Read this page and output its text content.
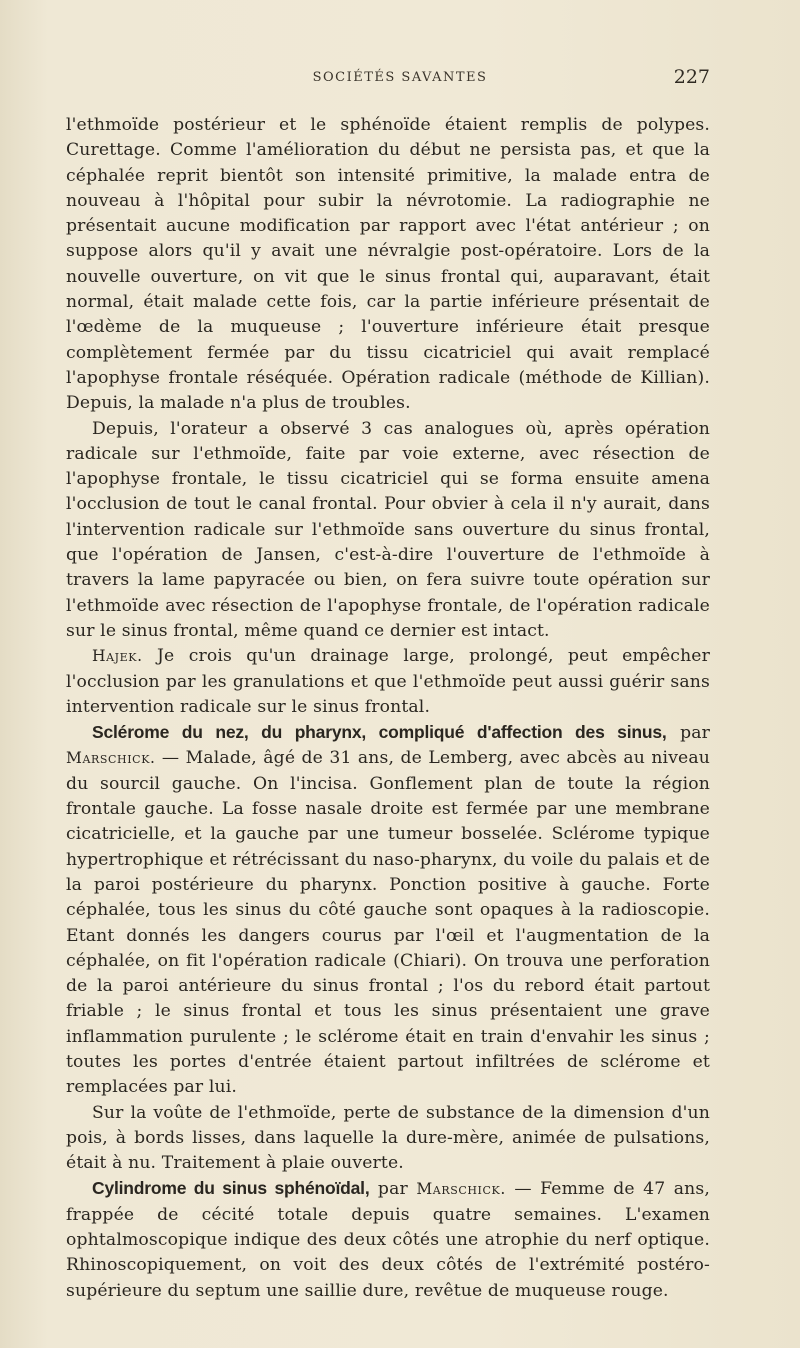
SOCIÉTÉS SAVANTES	227

l'ethmoïde postérieur et le sphénoïde étaient remplis de polypes. Curettage. Comme l'amélioration du début ne persista pas, et que la céphalée reprit bientôt son intensité primitive, la malade entra de nouveau à l'hôpital pour subir la névrotomie. La radiographie ne présentait aucune modification par rapport avec l'état antérieur ; on suppose alors qu'il y avait une névralgie post-opératoire. Lors de la nouvelle ouverture, on vit que le sinus frontal qui, auparavant, était normal, était malade cette fois, car la partie inférieure présentait de l'œdème de la muqueuse ; l'ouverture inférieure était presque complètement fermée par du tissu cicatriciel qui avait remplacé l'apophyse frontale réséquée. Opération radicale (méthode de Killian). Depuis, la malade n'a plus de troubles.

Depuis, l'orateur a observé 3 cas analogues où, après opération radicale sur l'ethmoïde, faite par voie externe, avec résection de l'apophyse frontale, le tissu cicatriciel qui se forma ensuite amena l'occlusion de tout le canal frontal. Pour obvier à cela il n'y aurait, dans l'intervention radicale sur l'ethmoïde sans ouverture du sinus frontal, que l'opération de Jansen, c'est-à-dire l'ouverture de l'ethmoïde à travers la lame papyracée ou bien, on fera suivre toute opération sur l'ethmoïde avec résection de l'apophyse frontale, de l'opération radicale sur le sinus frontal, même quand ce dernier est intact.

Hajek. Je crois qu'un drainage large, prolongé, peut empêcher l'occlusion par les granulations et que l'ethmoïde peut aussi guérir sans intervention radicale sur le sinus frontal.

Sclérome du nez, du pharynx, compliqué d'affection des sinus, par Marschick. — Malade, âgé de 31 ans, de Lemberg, avec abcès au niveau du sourcil gauche. On l'incisa. Gonflement plan de toute la région frontale gauche. La fosse nasale droite est fermée par une membrane cicatricielle, et la gauche par une tumeur bosselée. Sclérome typique hypertrophique et rétrécissant du naso-pharynx, du voile du palais et de la paroi postérieure du pharynx. Ponction positive à gauche. Forte céphalée, tous les sinus du côté gauche sont opaques à la radioscopie. Etant donnés les dangers courus par l'œil et l'augmentation de la céphalée, on fit l'opération radicale (Chiari). On trouva une perforation de la paroi antérieure du sinus frontal ; l'os du rebord était partout friable ; le sinus frontal et tous les sinus présentaient une grave inflammation purulente ; le sclérome était en train d'envahir les sinus ; toutes les portes d'entrée étaient partout infiltrées de sclérome et remplacées par lui.

Sur la voûte de l'ethmoïde, perte de substance de la dimension d'un pois, à bords lisses, dans laquelle la dure-mère, animée de pulsations, était à nu. Traitement à plaie ouverte.

Cylindrome du sinus sphénoïdal, par Marschick. — Femme de 47 ans, frappée de cécité totale depuis quatre semaines. L'examen ophtalmoscopique indique des deux côtés une atrophie du nerf optique. Rhinoscopiquement, on voit des deux côtés de l'extrémité postéro-supérieure du septum une saillie dure, revêtue de muqueuse rouge.
